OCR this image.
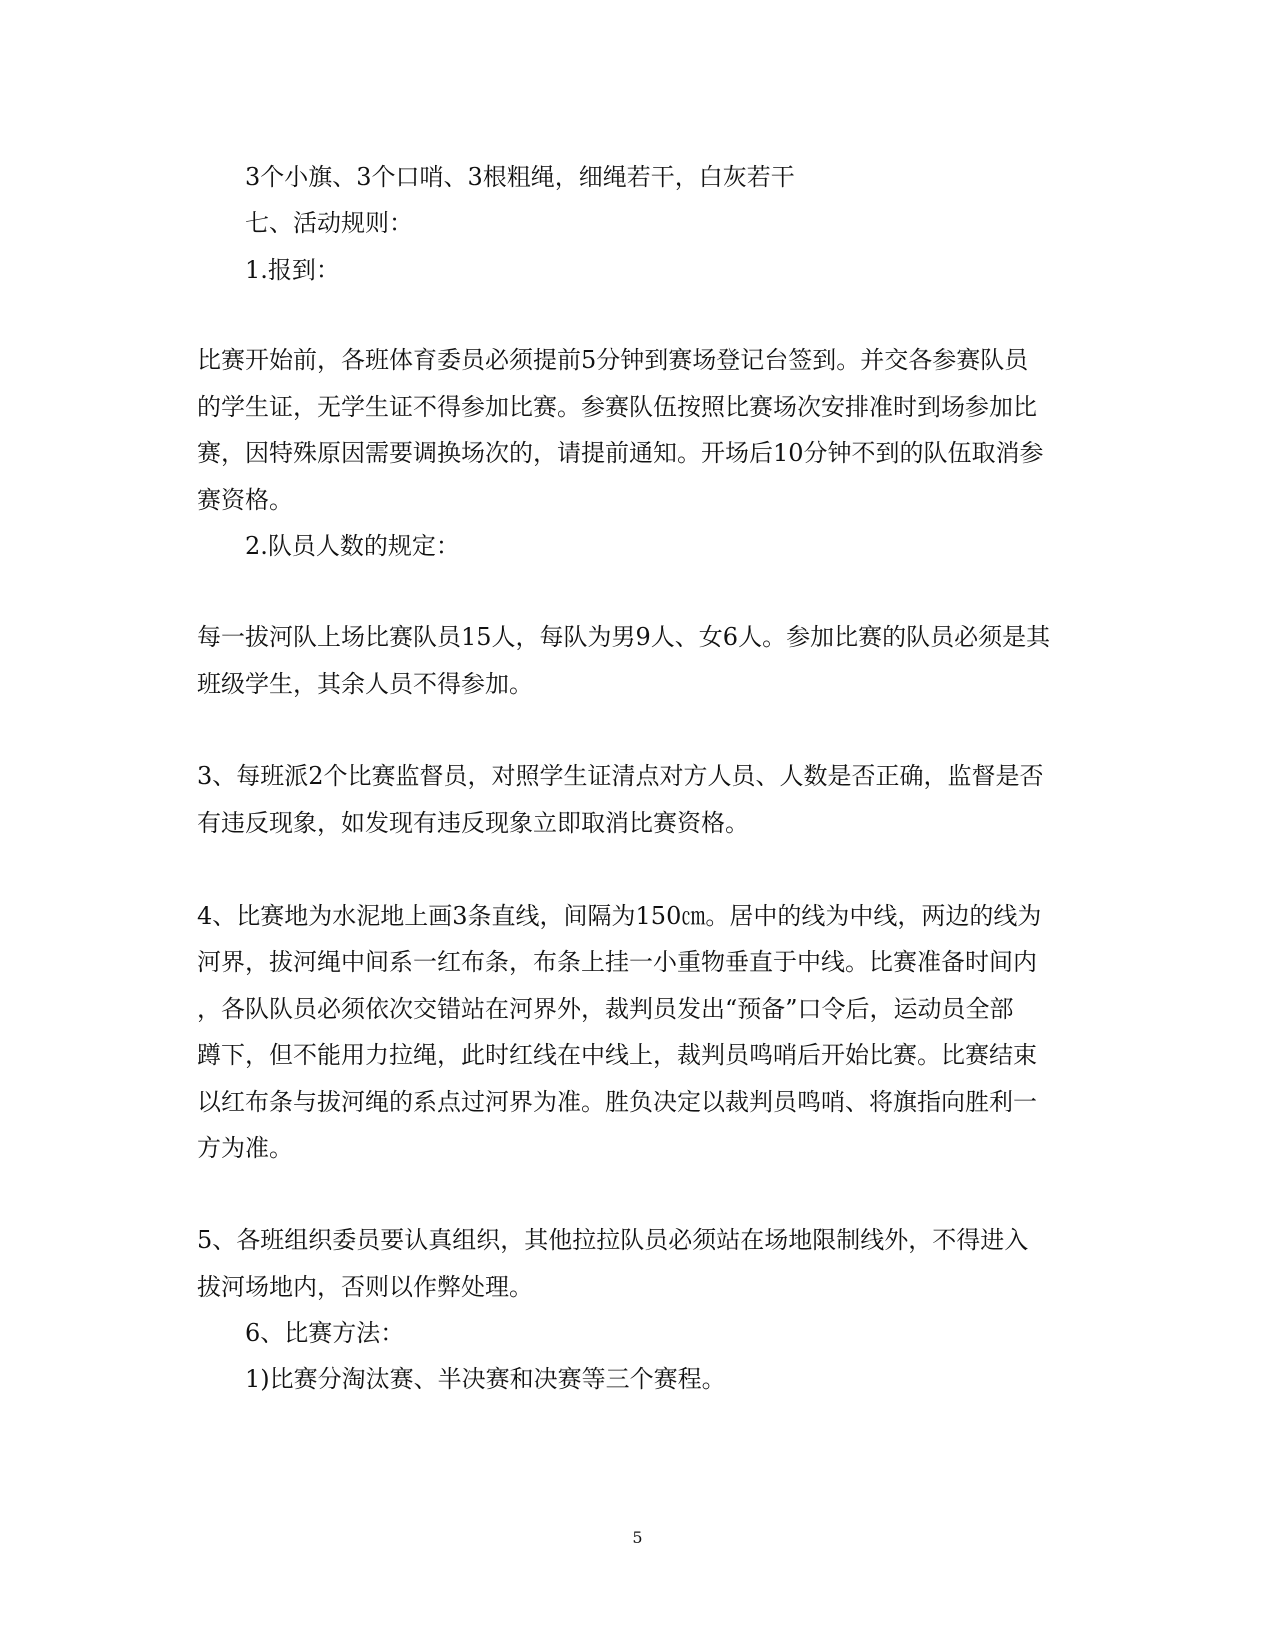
3个小旗、3个口哨、3根粗绳，细绳若干，白灰若干
七、活动规则：
1.报到：
比赛开始前，各班体育委员必须提前5分钟到赛场登记台签到。并交各参赛队员
的学生证，无学生证不得参加比赛。参赛队伍按照比赛场次安排准时到场参加比
赛，因特殊原因需要调换场次的，请提前通知。开场后10分钟不到的队伍取消参
赛资格。
2.队员人数的规定：
每一拔河队上场比赛队员15人，每队为男9人、女6人。参加比赛的队员必须是其
班级学生，其余人员不得参加。
3、每班派2个比赛监督员，对照学生证清点对方人员、人数是否正确，监督是否
有违反现象，如发现有违反现象立即取消比赛资格。
4、比赛地为水泥地上画3条直线，间隔为150㎝。居中的线为中线，两边的线为
河界，拔河绳中间系一红布条，布条上挂一小重物垂直于中线。比赛准备时间内
，各队队员必须依次交错站在河界外，裁判员发出“预备”口令后，运动员全部
蹲下，但不能用力拉绳，此时红线在中线上，裁判员鸣哨后开始比赛。比赛结束
以红布条与拔河绳的系点过河界为准。胜负决定以裁判员鸣哨、将旗指向胜利一
方为准。
5、各班组织委员要认真组织，其他拉拉队员必须站在场地限制线外，不得进入
拔河场地内，否则以作弊处理。
6、比赛方法：
1)比赛分淘汰赛、半决赛和决赛等三个赛程。
5
